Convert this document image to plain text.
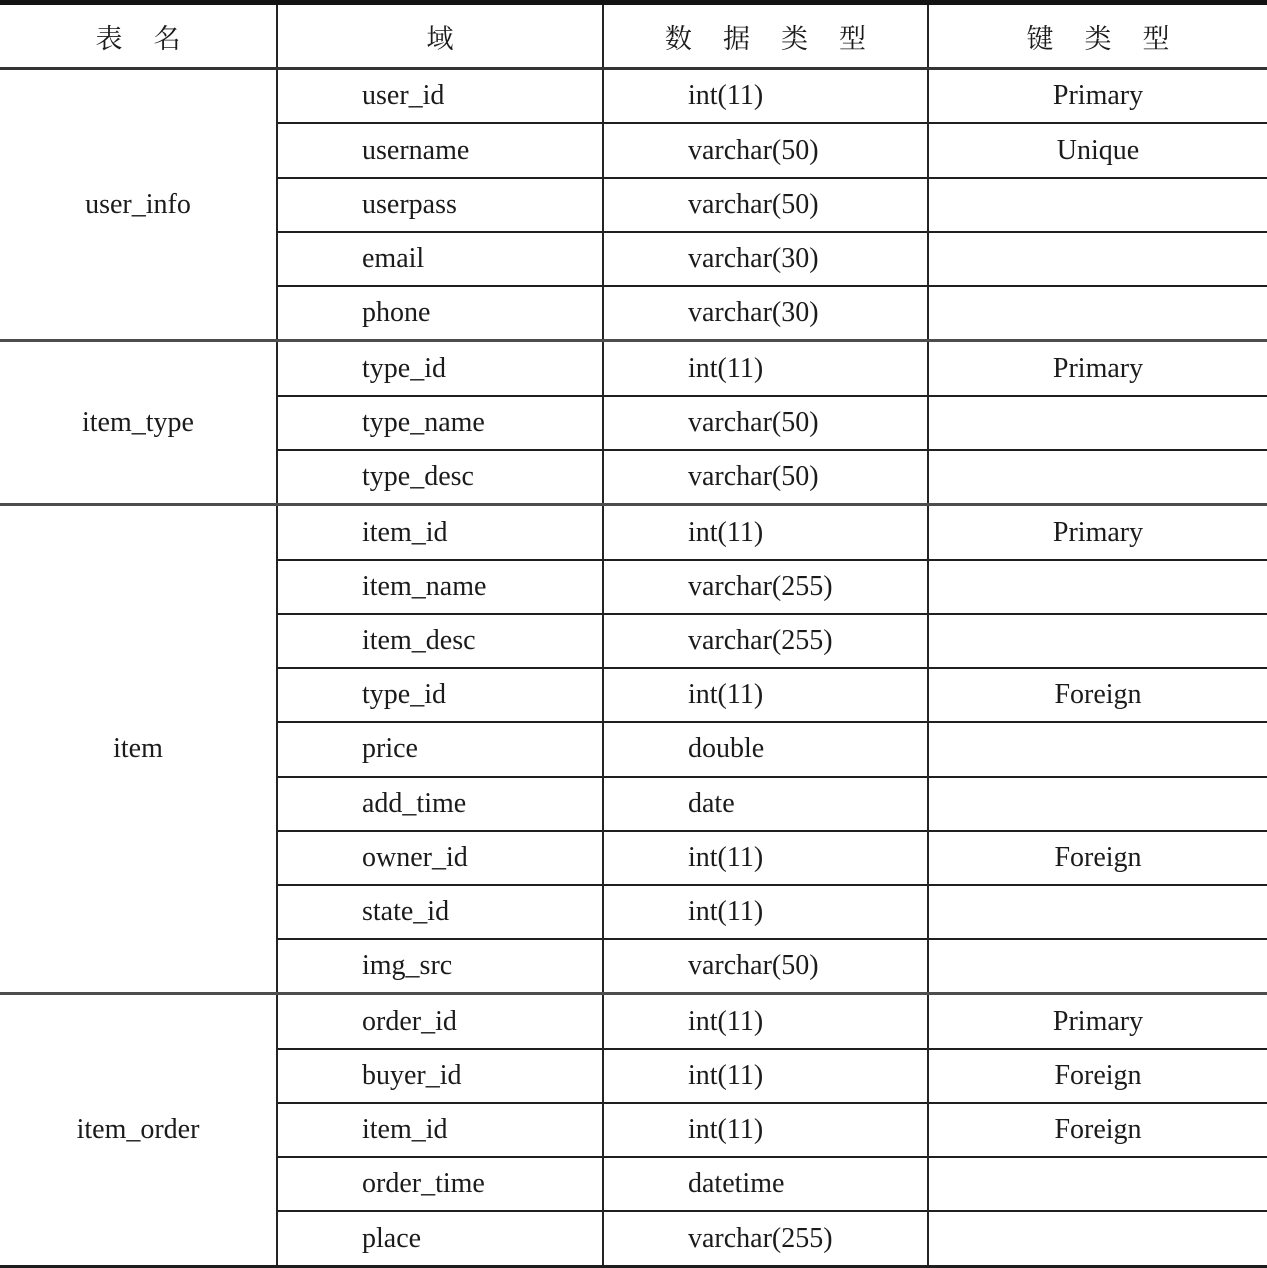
表 名	域	数 据 类 型	键 类 型
user_info	user_id	int(11)	Primary
	username	varchar(50)	Unique
	userpass	varchar(50)	
	email	varchar(30)	
	phone	varchar(30)	
item_type	type_id	int(11)	Primary
	type_name	varchar(50)	
	type_desc	varchar(50)	
item	item_id	int(11)	Primary
	item_name	varchar(255)	
	item_desc	varchar(255)	
	type_id	int(11)	Foreign
	price	double	
	add_time	date	
	owner_id	int(11)	Foreign
	state_id	int(11)	
	img_src	varchar(50)	
item_order	order_id	int(11)	Primary
	buyer_id	int(11)	Foreign
	item_id	int(11)	Foreign
	order_time	datetime	
	place	varchar(255)	
